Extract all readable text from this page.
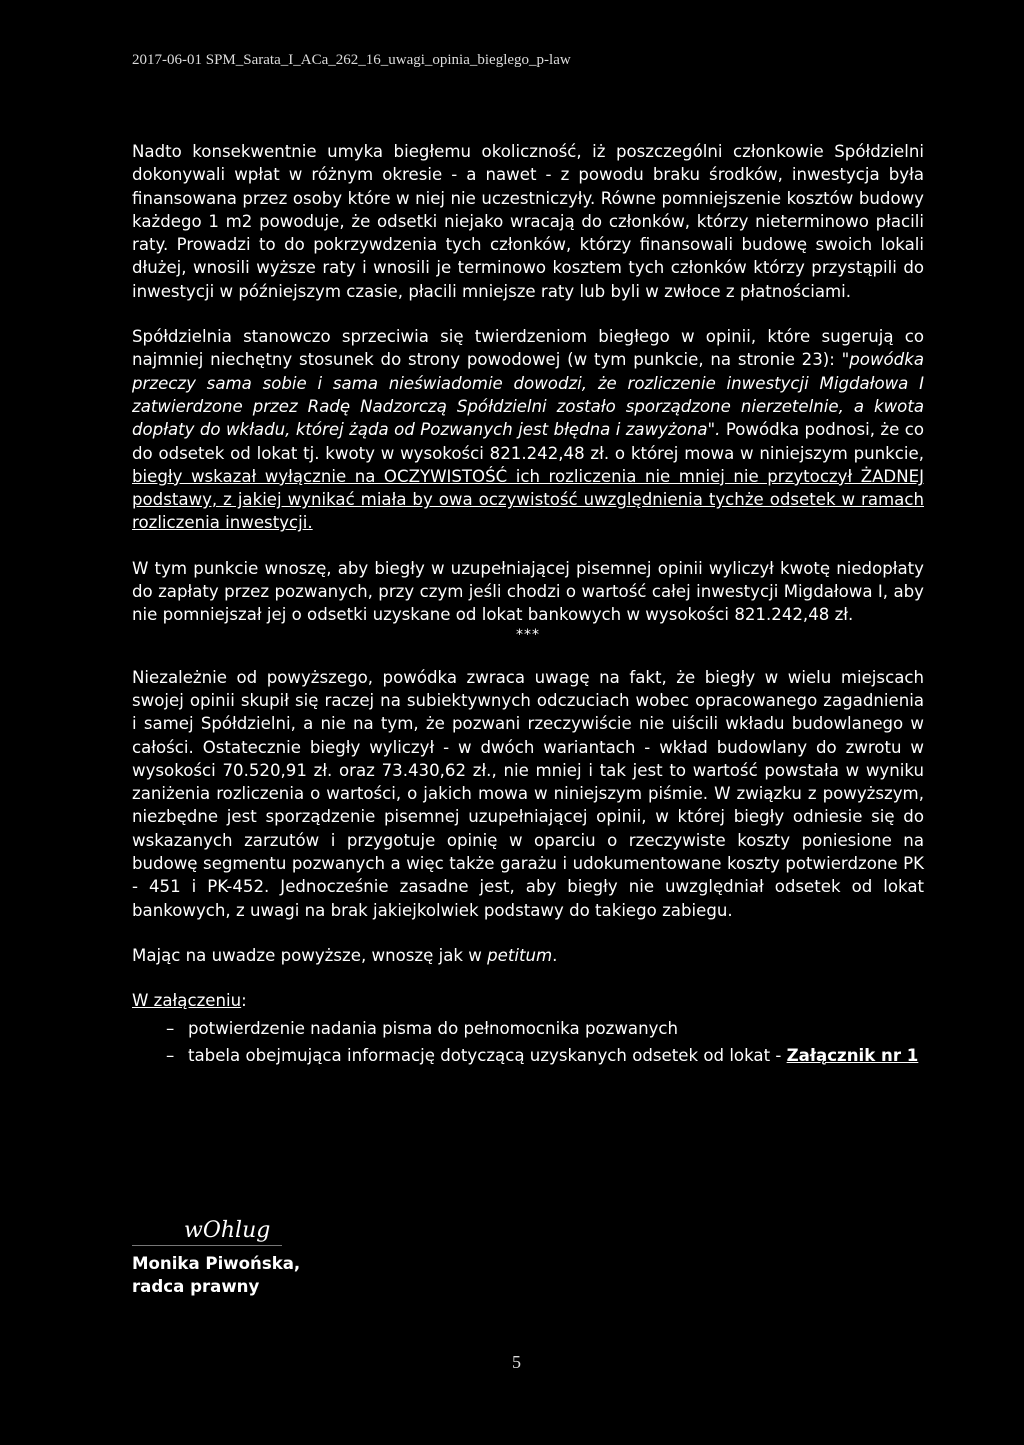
2017-06-01 SPM_Sarata_I_ACa_262_16_uwagi_opinia_bieglego_p-law

Nadto konsekwentnie umyka biegłemu okoliczność, iż poszczególni członkowie Spółdzielni dokonywali wpłat w różnym okresie - a nawet - z powodu braku środków, inwestycja była finansowana przez osoby które w niej nie uczestniczyły. Równe pomniejszenie kosztów budowy każdego 1 m2 powoduje, że odsetki niejako wracają do członków, którzy nieterminowo płacili raty. Prowadzi to do pokrzywdzenia tych członków, którzy finansowali budowę swoich lokali dłużej, wnosili wyższe raty i wnosili je terminowo kosztem tych członków którzy przystąpili do inwestycji w późniejszym czasie, płacili mniejsze raty lub byli w zwłoce z płatnościami.

Spółdzielnia stanowczo sprzeciwia się twierdzeniom biegłego w opinii, które sugerują co najmniej niechętny stosunek do strony powodowej (w tym punkcie, na stronie 23): "powódka przeczy sama sobie i sama nieświadomie dowodzi, że rozliczenie inwestycji Migdałowa I zatwierdzone przez Radę Nadzorczą Spółdzielni zostało sporządzone nierzetelnie, a kwota dopłaty do wkładu, której żąda od Pozwanych jest błędna i zawyżona". Powódka podnosi, że co do odsetek od lokat tj. kwoty w wysokości 821.242,48 zł. o której mowa w niniejszym punkcie, biegły wskazał wyłącznie na OCZYWISTOŚĆ ich rozliczenia nie mniej nie przytoczył ŻADNEJ podstawy, z jakiej wynikać miała by owa oczywistość uwzględnienia tychże odsetek w ramach rozliczenia inwestycji.

W tym punkcie wnoszę, aby biegły w uzupełniającej pisemnej opinii wyliczył kwotę niedopłaty do zapłaty przez pozwanych, przy czym jeśli chodzi o wartość całej inwestycji Migdałowa I, aby nie pomniejszał jej o odsetki uzyskane od lokat bankowych w wysokości 821.242,48 zł.

***

Niezależnie od powyższego, powódka zwraca uwagę na fakt, że biegły w wielu miejscach swojej opinii skupił się raczej na subiektywnych odczuciach wobec opracowanego zagadnienia i samej Spółdzielni, a nie na tym, że pozwani rzeczywiście nie uiścili wkładu budowlanego w całości. Ostatecznie biegły wyliczył - w dwóch wariantach - wkład budowlany do zwrotu w wysokości 70.520,91 zł. oraz 73.430,62 zł., nie mniej i tak jest to wartość powstała w wyniku zaniżenia rozliczenia o wartości, o jakich mowa w niniejszym piśmie. W związku z powyższym, niezbędne jest sporządzenie pisemnej uzupełniającej opinii, w której biegły odniesie się do wskazanych zarzutów i przygotuje opinię w oparciu o rzeczywiste koszty poniesione na budowę segmentu pozwanych a więc także garażu i udokumentowane koszty potwierdzone PK - 451 i PK-452. Jednocześnie zasadne jest, aby biegły nie uwzględniał odsetek od lokat bankowych, z uwagi na brak jakiejkolwiek podstawy do takiego zabiegu.

Mając na uwadze powyższe, wnoszę jak w petitum.

W załączeniu:
– potwierdzenie nadania pisma do pełnomocnika pozwanych
– tabela obejmująca informację dotyczącą uzyskanych odsetek od lokat - Załącznik nr 1
wOhlug
Monika Piwońska,
radca prawny
5
